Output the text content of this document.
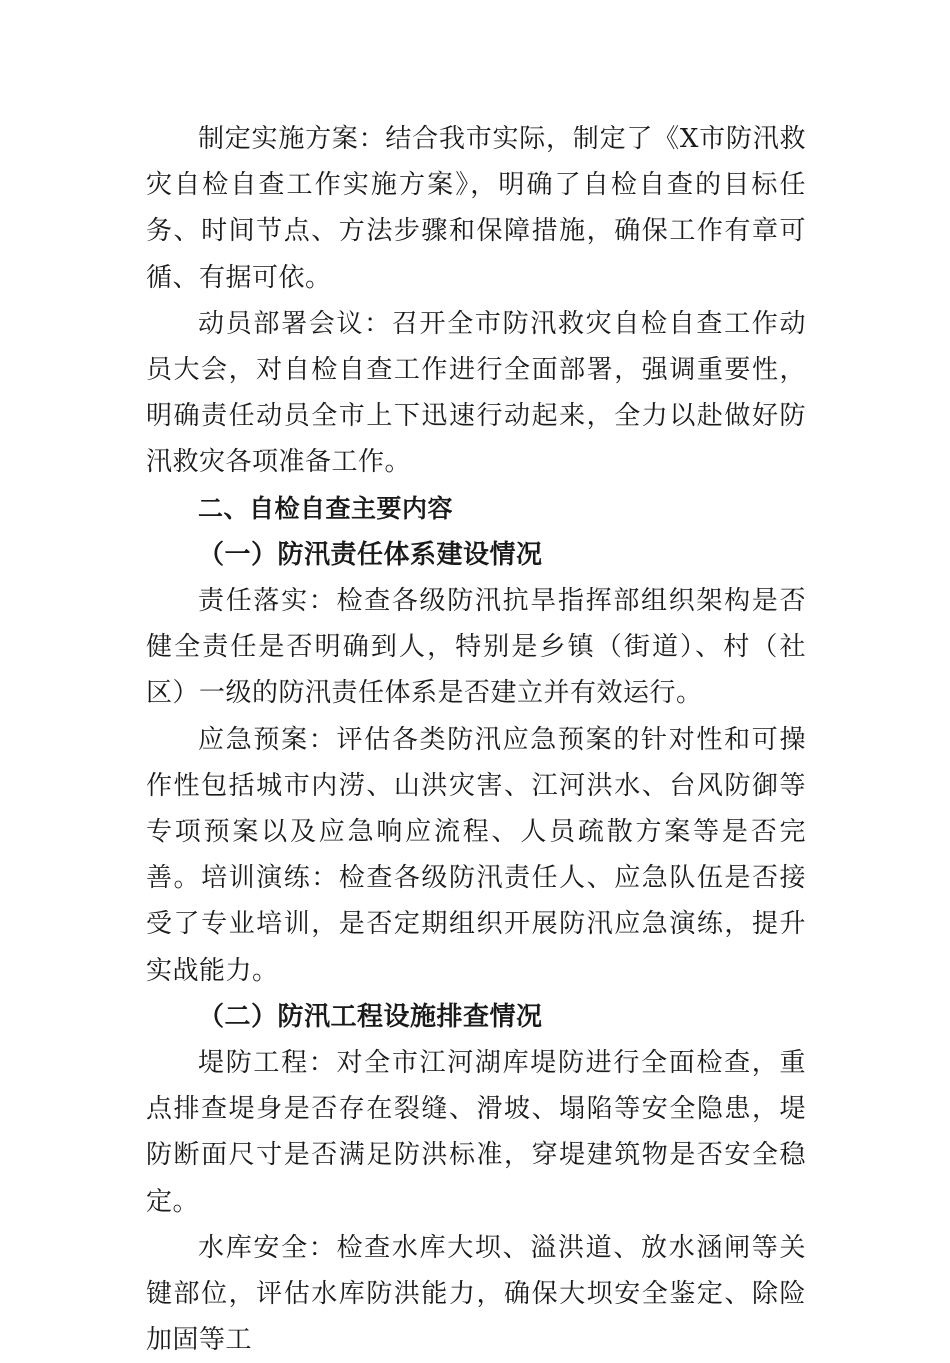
制定实施方案：结合我市实际，制定了《X市防汛救灾自检自查工作实施方案》，明确了自检自查的目标任务、时间节点、方法步骤和保障措施，确保工作有章可循、有据可依。

动员部署会议：召开全市防汛救灾自检自查工作动员大会，对自检自查工作进行全面部署，强调重要性，明确责任动员全市上下迅速行动起来，全力以赴做好防汛救灾各项准备工作。

二、自检自查主要内容

（一）防汛责任体系建设情况

责任落实：检查各级防汛抗旱指挥部组织架构是否健全责任是否明确到人，特别是乡镇（街道）、村（社区）一级的防汛责任体系是否建立并有效运行。

应急预案：评估各类防汛应急预案的针对性和可操作性包括城市内涝、山洪灾害、江河洪水、台风防御等专项预案以及应急响应流程、人员疏散方案等是否完善。培训演练：检查各级防汛责任人、应急队伍是否接受了专业培训，是否定期组织开展防汛应急演练，提升实战能力。

（二）防汛工程设施排查情况

堤防工程：对全市江河湖库堤防进行全面检查，重点排查堤身是否存在裂缝、滑坡、塌陷等安全隐患，堤防断面尺寸是否满足防洪标准，穿堤建筑物是否安全稳定。

水库安全：检查水库大坝、溢洪道、放水涵闸等关键部位，评估水库防洪能力，确保大坝安全鉴定、除险加固等工
